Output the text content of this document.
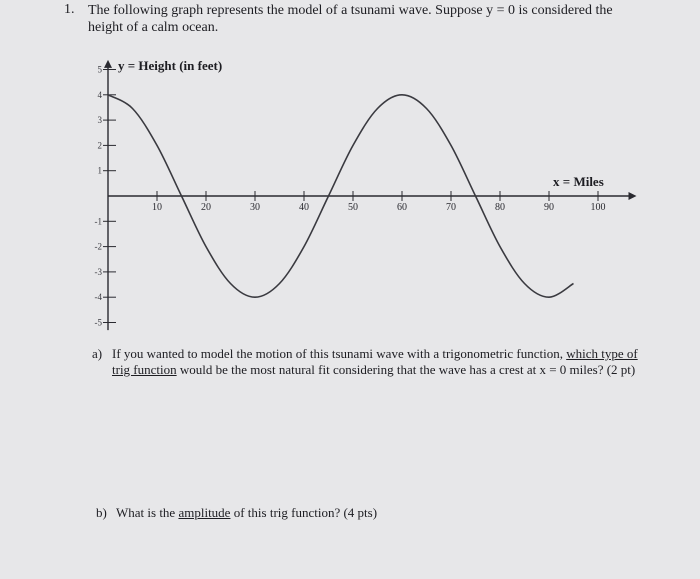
1. The following graph represents the model of a tsunami wave. Suppose y = 0 is considered the height of a calm ocean.
10	20	30	40	50	60	70	80	90	100
5
4
3
2
1
-1
-2
-3
-4
-5
y = Height (in feet)
x = Miles
a) If you wanted to model the motion of this tsunami wave with a trigonometric function, which type of trig function would be the most natural fit considering that the wave has a crest at x = 0 miles? (2 pt)
b) What is the amplitude of this trig function? (4 pts)
